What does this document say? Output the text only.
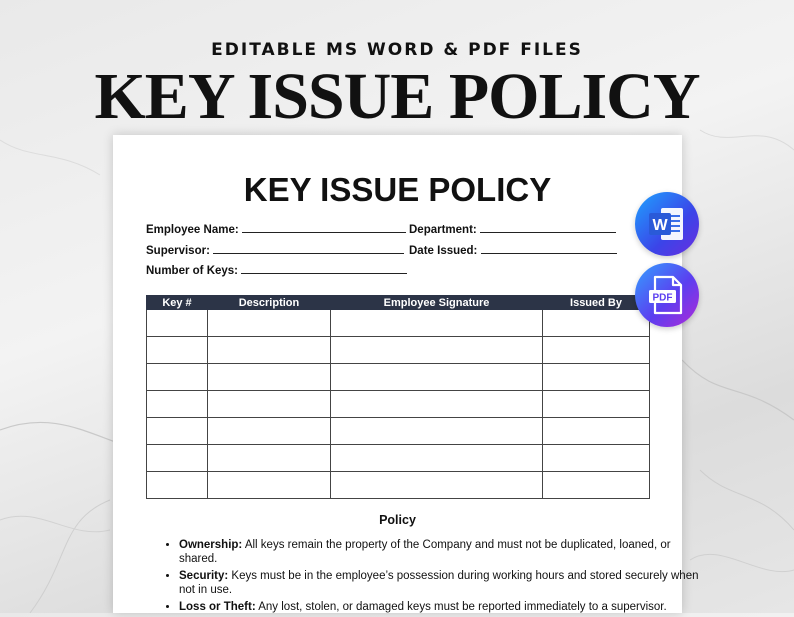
EDITABLE MS WORD & PDF FILES
KEY ISSUE POLICY
KEY ISSUE POLICY
Employee Name:	Department:
Supervisor:	Date Issued:
Number of Keys:
Key #	Description	Employee Signature	Issued By

Policy
• Ownership: All keys remain the property of the Company and must not be duplicated, loaned, or shared.
• Security: Keys must be in the employee’s possession during working hours and stored securely when not in use.
• Loss or Theft: Any lost, stolen, or damaged keys must be reported immediately to a supervisor.
W
PDF
